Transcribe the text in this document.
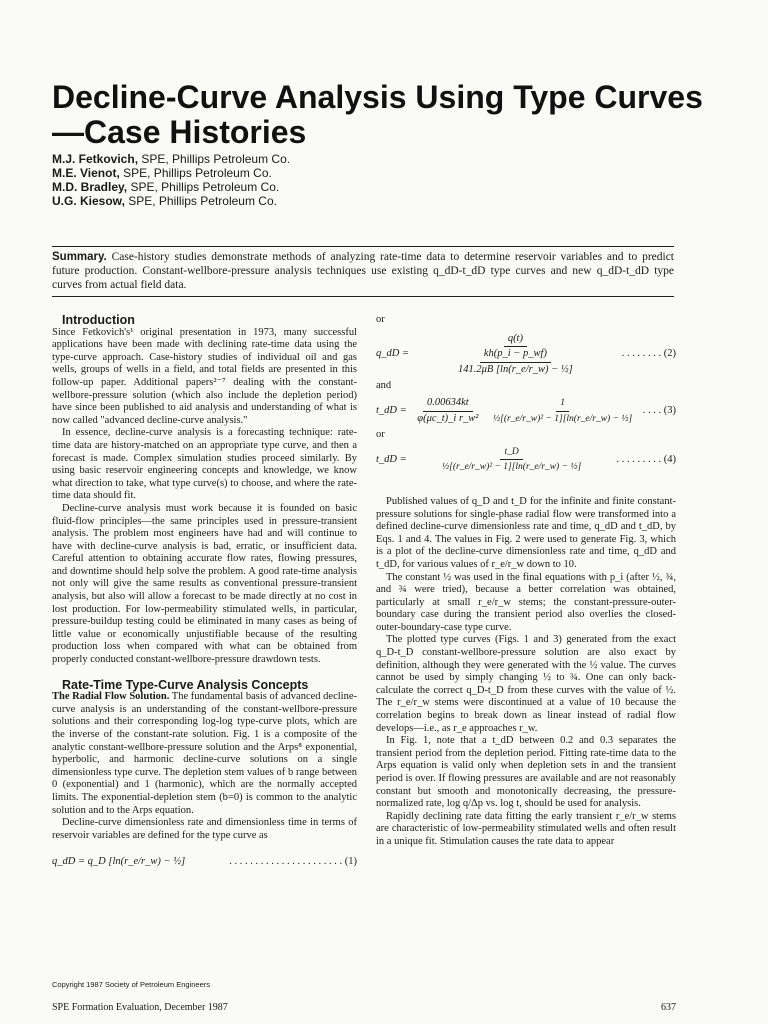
Decline-Curve Analysis Using Type Curves—Case Histories
M.J. Fetkovich, SPE, Phillips Petroleum Co.
M.E. Vienot, SPE, Phillips Petroleum Co.
M.D. Bradley, SPE, Phillips Petroleum Co.
U.G. Kiesow, SPE, Phillips Petroleum Co.
Summary. Case-history studies demonstrate methods of analyzing rate-time data to determine reservoir variables and to predict future production. Constant-wellbore-pressure analysis techniques use existing q_dD-t_dD type curves and new q_dD-t_dD type curves from actual field data.

Introduction

Since Fetkovich's¹ original presentation in 1973, many successful applications have been made with declining rate-time data using the type-curve approach. Case-history studies of individual oil and gas wells, groups of wells in a field, and total fields are presented in this follow-up paper. Additional papers²⁻⁷ dealing with the constant-wellbore-pressure solution (which also include the depletion period) have since been published to aid analysis and understanding of what is now called "advanced decline-curve analysis."

In essence, decline-curve analysis is a forecasting technique: rate-time data are history-matched on an appropriate type curve, and then a forecast is made. Complex simulation studies proceed similarly. By using basic reservoir engineering concepts and knowledge, we know what direction to take, what type curve(s) to choose, and where the rate-time data should fit.

Decline-curve analysis must work because it is founded on basic fluid-flow principles—the same principles used in pressure-transient analysis. The problem most engineers have had and will continue to have with decline-curve analysis is bad, erratic, or insufficient data. Careful attention to obtaining accurate flow rates, flowing pressures, and downtime should help solve the problem. A good rate-time analysis not only will give the same results as conventional pressure-transient analysis, but also will allow a forecast to be made directly at no cost in lost production. For low-permeability stimulated wells, in particular, pressure-buildup testing could be eliminated in many cases as being of little value or economically unjustifiable because of the resulting production loss when compared with what can be obtained from properly conducted constant-wellbore-pressure drawdown tests.

Rate-Time Type-Curve Analysis Concepts

The Radial Flow Solution. The fundamental basis of advanced decline-curve analysis is an understanding of the constant-wellbore-pressure solutions and their corresponding log-log type-curve plots, which are the inverse of the constant-rate solution. Fig. 1 is a composite of the analytic constant-wellbore-pressure solution and the Arps⁸ exponential, hyperbolic, and harmonic decline-curve solutions on a single dimensionless type curve. The depletion stem values of b range between 0 (exponential) and 1 (harmonic), which are the normally accepted limits. The exponential-depletion stem (b=0) is common to the analytic solution and to the Arps equation.

Decline-curve dimensionless rate and dimensionless time in terms of reservoir variables are defined for the type curve as

q_dD = q_D [ln(r_e/r_w) − ½]	. . . . . . . . . . . . . . . . . . . . . . (1)

or

q_dD =	$\frac{q(t)}{\frac{kh(p\_i - p\_wf)}{\text{141.2μB [ln(r\_e/r\_w) − ½]}}}$	. . . . . . . . (2)

and

t_dD = $\frac{0.00634kt}{\text{φ(μc\_t)\_i r\_w²}} \frac{1}{\text{½[(r\_e/r\_w)² − 1][ln(r\_e/r\_w) − ½]}}$ . . . . (3)

or

t_dD =	$\frac{t\_D}{\text{½[(r\_e/r\_w)² − 1][ln(r\_e/r\_w) − ½]}}$	. . . . . . . . . (4)

Published values of q_D and t_D for the infinite and finite constant-pressure solutions for single-phase radial flow were transformed into a defined decline-curve dimensionless rate and time, q_dD and t_dD, by Eqs. 1 and 4. The values in Fig. 2 were used to generate Fig. 3, which is a plot of the decline-curve dimensionless rate and time, q_dD and t_dD, for various values of r_e/r_w down to 10.

The constant ½ was used in the final equations with p_i (after ½, ¾, and ¾ were tried), because a better correlation was obtained, particularly at small r_e/r_w stems; the constant-pressure-outer-boundary case during the transient period also overlies the closed-outer-boundary-case type curve.

The plotted type curves (Figs. 1 and 3) generated from the exact q_D-t_D constant-wellbore-pressure solution are also exact by definition, although they were generated with the ½ value. The curves cannot be used by simply changing ½ to ¾. One can only back-calculate the correct q_D-t_D from these curves with the value of ½. The r_e/r_w stems were discontinued at a value of 10 because the correlation begins to break down as linear instead of radial flow develops—i.e., as r_e approaches r_w.

In Fig. 1, note that a t_dD between 0.2 and 0.3 separates the transient period from the depletion period. Fitting rate-time data to the Arps equation is valid only when depletion sets in and the transient period is over. If flowing pressures are available and are not reasonably constant but smooth and monotonically decreasing, the pressure-normalized rate, log q/Δp vs. log t, should be used for analysis.

Rapidly declining rate data fitting the early transient r_e/r_w stems are characteristic of low-permeability stimulated wells and often result in a unique fit. Stimulation causes the rate data to appear

Copyright 1987 Society of Petroleum Engineers
SPE Formation Evaluation, December 1987	637
